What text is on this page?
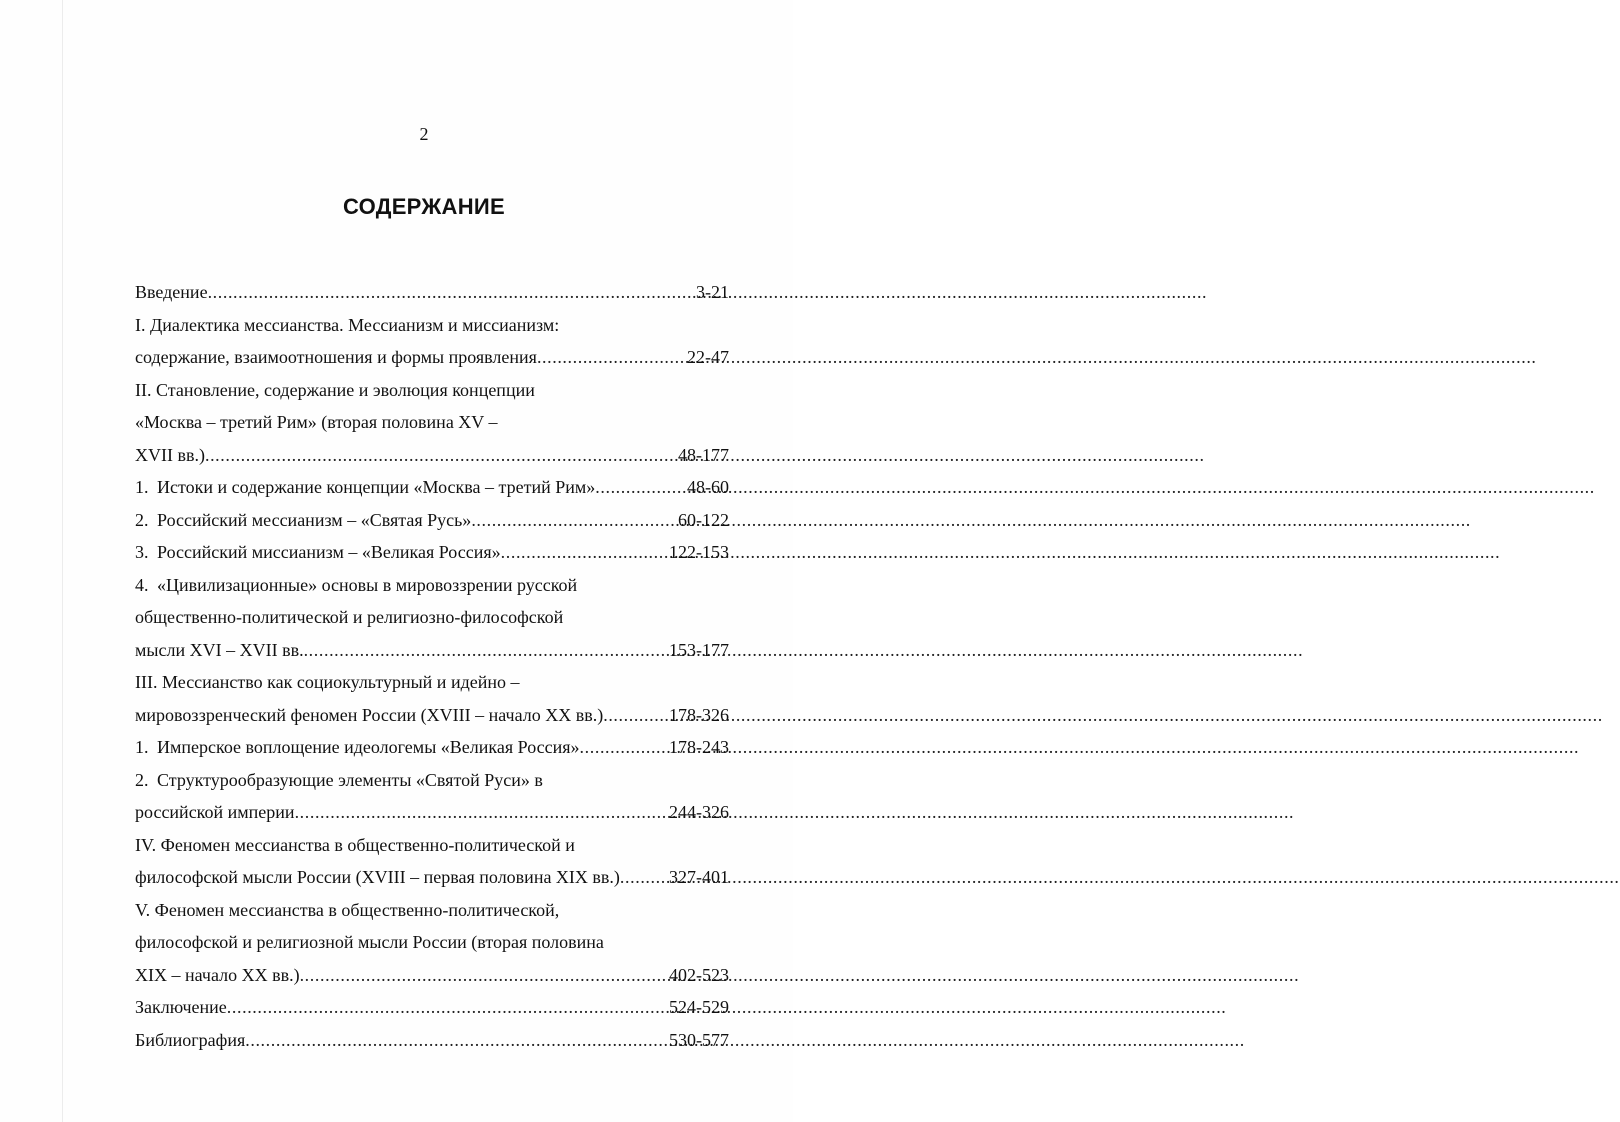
2
СОДЕРЖАНИЕ
Введение .....	3-21
I. Диалектика мессианства. Мессианизм и миссианизм:
содержание, взаимоотношения и формы проявления .....	22-47
II. Становление, содержание и эволюция концепции
«Москва – третий Рим» (вторая половина XV –
XVII вв.) .....	48-177
1. Истоки и содержание концепции «Москва – третий Рим» .....	48-60
2. Российский мессианизм – «Святая Русь» .....	60-122
3. Российский миссианизм – «Великая Россия» .....	122-153
4. «Цивилизационные» основы в мировоззрении русской
общественно-политической и религиозно-философской
мысли XVI – XVII вв. .....	153-177
III. Мессианство как социокультурный и идейно –
мировоззренческий феномен России (XVIII – начало XX вв.) .....	178-326
1. Имперское воплощение идеологемы «Великая Россия» .....	178-243
2. Структурообразующие элементы «Святой Руси» в
российской империи .....	244-326
IV. Феномен мессианства в общественно-политической и
философской мысли России (XVIII – первая половина XIX вв.) .....	327-401
V. Феномен мессианства в общественно-политической,
философской и религиозной мысли России (вторая половина
XIX – начало XX вв.) .....	402-523
Заключение .....	524-529
Библиография .....	530-577
